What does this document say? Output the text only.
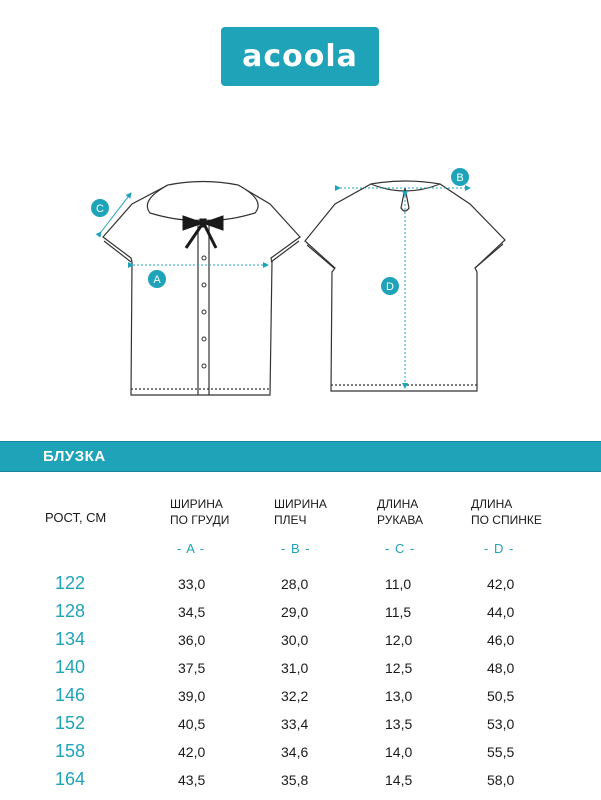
acoola
A
B
C
D
БЛУЗКА
РОСТ, СМ
ШИРИНА
ПО ГРУДИ
ШИРИНА
ПЛЕЧ
ДЛИНА
РУКАВА
ДЛИНА
ПО СПИНКЕ
- A -	- B -	- C -	- D -
122	33,0	28,0	11,0	42,0
128	34,5	29,0	11,5	44,0
134	36,0	30,0	12,0	46,0
140	37,5	31,0	12,5	48,0
146	39,0	32,2	13,0	50,5
152	40,5	33,4	13,5	53,0
158	42,0	34,6	14,0	55,5
164	43,5	35,8	14,5	58,0
